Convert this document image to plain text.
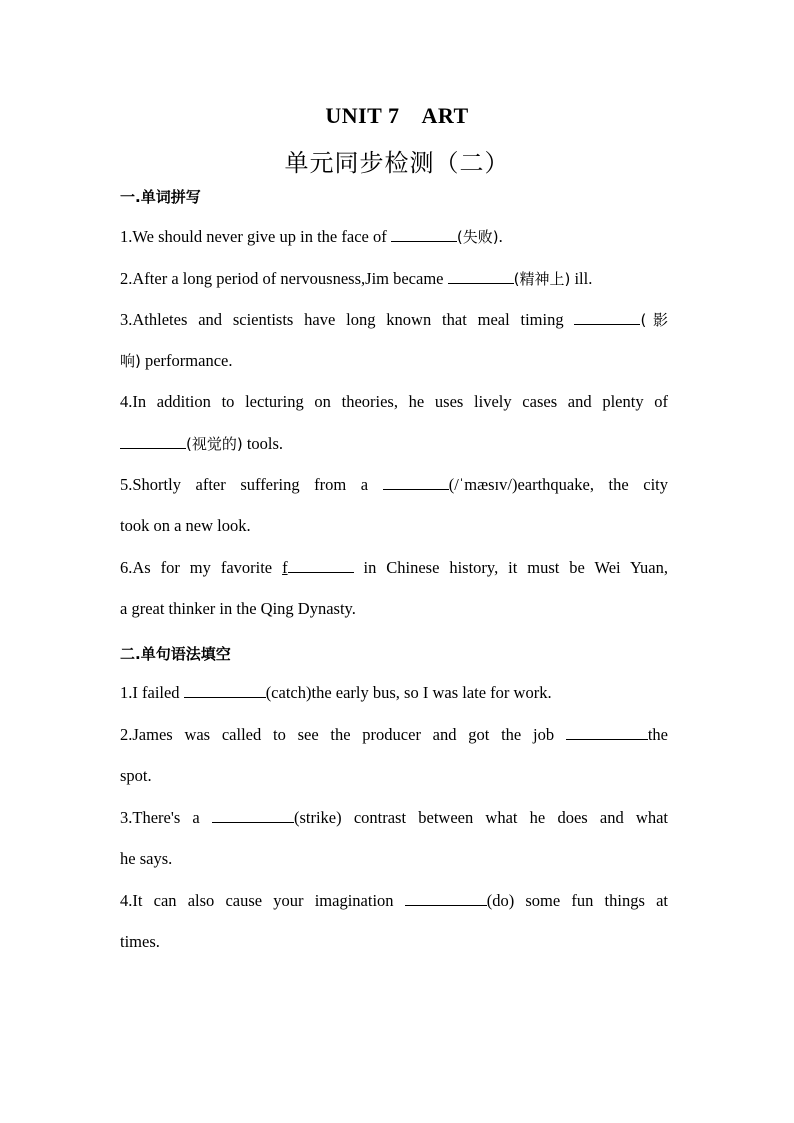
UNIT 7 ART
单元同步检测（二）
一.单词拼写
1.We should never give up in the face of	(失败).
2.After a long period of nervousness,Jim became	(精神上) ill.
3.Athletes and scientists have long known that meal timing	(影
响) performance.
4.In addition to lecturing on theories, he uses lively cases and plenty of
(视觉的) tools.
5.Shortly after suffering from a	(/ˈmæsɪv/)earthquake, the city
took on a new look.
6.As for my favorite f	in Chinese history, it must be Wei Yuan,
a great thinker in the Qing Dynasty.
二.单句语法填空
1.I failed	(catch)the early bus, so I was late for work.
2.James was called to see the producer and got the job	the
spot.
3.There's a	(strike) contrast between what he does and what
he says.
4.It can also cause your imagination	(do) some fun things at
times.
